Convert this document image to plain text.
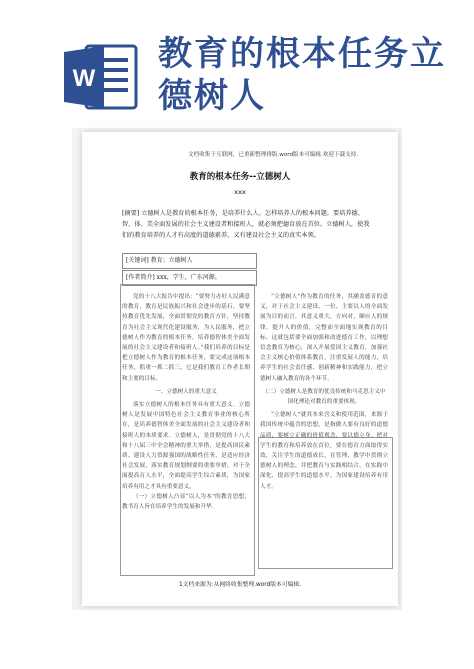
W
教育的根本任务立德树人
文档收集于互联网，已重新整理排版.word版本可编辑.欢迎下载支持.
教育的根本任务--立德树人
xxx
[摘要] 立德树人是教育的根本任务，是培养什么人、怎样培养人的根本问题。要培养德、智、体、美全面发展的社会主义建设者和接班人，就必须把德育放在首位。立德树人，使我们的教育培养的人才有高度的道德素养，又有建设社会主义的真实本领。
[关键词] 教育；立德树人
[作者简介] xxx，学生，广东河源。

党的十八大报告中提出：“要努力办好人民满意的教育，教育是民族振兴和社会进步的基石。要坚持教育优先发展，全面贯彻党的教育方针，坚持教育为社会主义现代化建设服务，为人民服务，把立德树人作为教育的根本任务，培养德智体美全面发展的社会主义建设者和接班人。”我们培养的目标是把立德树人作为教育的根本任务，要完成这项根本任务，抓重一抓二抓三，它是我们教育工作者长期和主要的目标。

一、立德树人的重大意义

落实立德树人的根本任务具有重大意义。立德树人是发展中国特色社会主义教育事业的核心所在，是培养德智体美全面发展的社会主义建设者和接班人的本质要求。立德树人，是贯彻党的十八大和十八届三中全会精神的重大举措，是提高国民素质、建设人力资源强国的战略性任务，是适应经济社会发展，落实教育规划纲要的重要举措，对于全面提高育人水平，全面提高学生综合素质，为国家培养有用之才具有重要意义。

（一）立德树人凸显“以人为本”的教育思想，教书育人旨在培养学生的发展和升华。

“立德树人”作为教育的任务，其涵盖德育的意义，对于社会主义建设、一位、主要以人的全面发展为目的而言，其意义重大，方向对，顺应人的规律，提升人的价值，完整而全面地实现教育的目标。这就包括要全面加强和改进德育工作，以理想信念教育为核心，深入开展爱国主义教育，加强社会主义核心价值体系教育，注重发展人的能力，培养学生的社会责任感、创新精神和实践能力，把立德树人融入教育的各个环节。

（二）立德树人是教育的优良传统和马克思主义中国化理论对教育的重要体现。

“立德树人”就其本来含义和使用范围，来源于我国传统中蕴含的思想，是指做人要有良好的道德品质，要树立正确的价值观念，要以德立身。把对学生的教育和培养放在首位，要在德育方面取得实效，关注学生的道德成长，在管理、教学中贯彻立德树人的理念，并把教育与实践相结合，在实践中深化、提高学生的道德水平，为国家建设培养有用人才。

1文档来源为:从网络收集整理.word版本可编辑.
